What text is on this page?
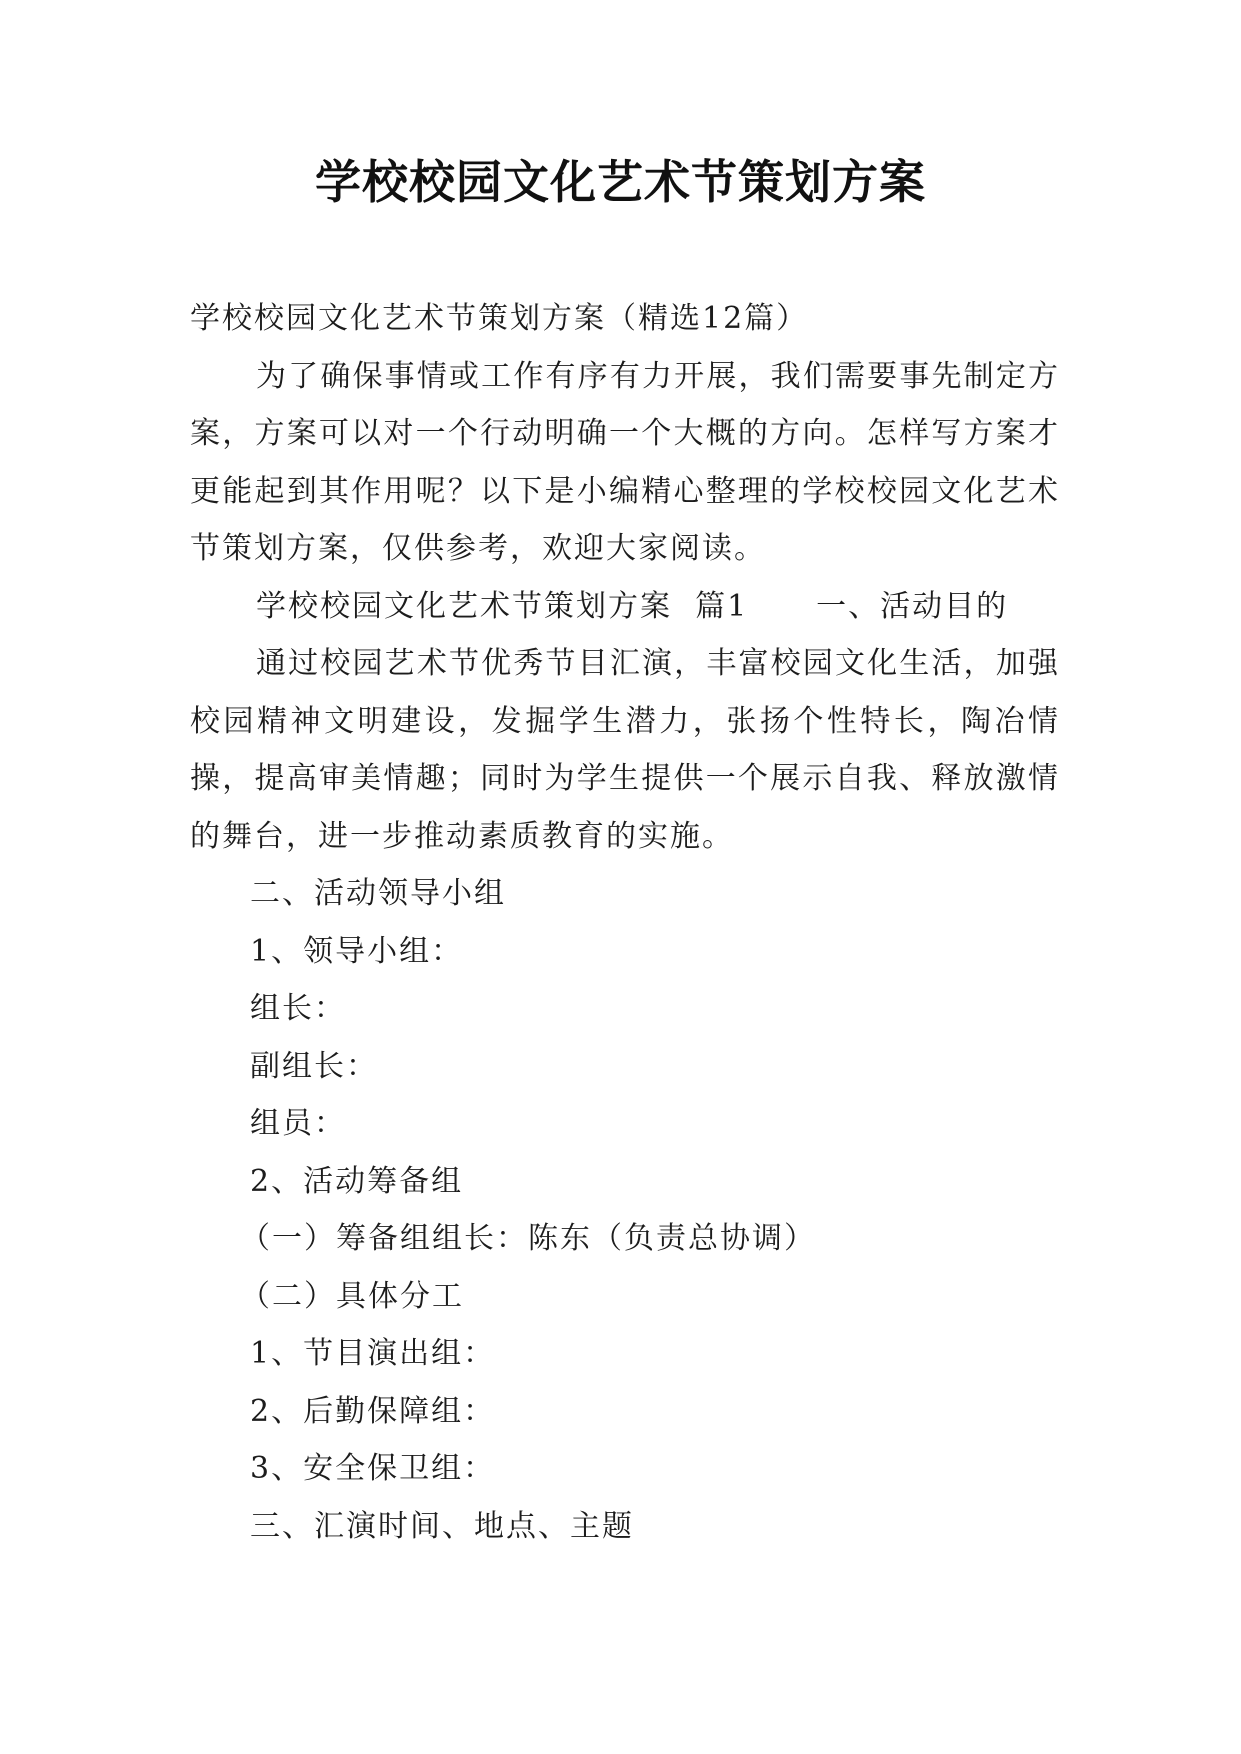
学校校园文化艺术节策划方案

学校校园文化艺术节策划方案（精选12篇）

为了确保事情或工作有序有力开展，我们需要事先制定方案，方案可以对一个行动明确一个大概的方向。怎样写方案才更能起到其作用呢？以下是小编精心整理的学校校园文化艺术节策划方案，仅供参考，欢迎大家阅读。

学校校园文化艺术节策划方案  篇1 一、活动目的

通过校园艺术节优秀节目汇演，丰富校园文化生活，加强校园精神文明建设，发掘学生潜力，张扬个性特长，陶冶情操，提高审美情趣；同时为学生提供一个展示自我、释放激情的舞台，进一步推动素质教育的实施。

二、活动领导小组

1、领导小组：

组长：

副组长：

组员：

2、活动筹备组

（一）筹备组组长：陈东（负责总协调）

（二）具体分工

1、节目演出组：

2、后勤保障组：

3、安全保卫组：

三、汇演时间、地点、主题
